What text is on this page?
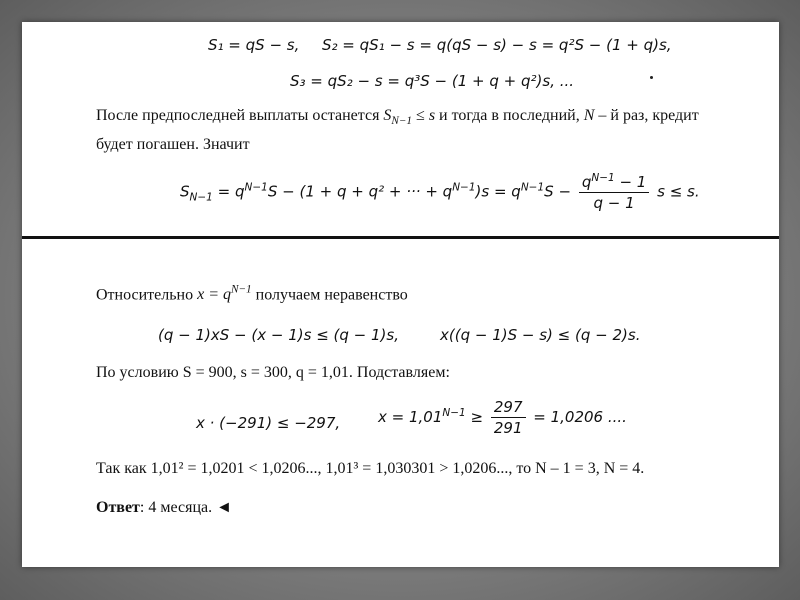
S₁ = qS − s, S₂ = qS₁ − s = q(qS − s) − s = q²S − (1 + q)s,
S₃ = qS₂ − s = q³S − (1 + q + q²)s, ...
После предпоследней выплаты останется $S_{N-1} \le s$ и тогда в последний, N – й раз, кредит
будет погашен. Значит
$S_{N-1} = q^{N-1}S - (1 + q + q^2$ + ··· + $q^{N-1})s = q^{N-1}S - \frac{q^{N-1} - 1}{q - 1}$ s ≤ s.
Относительно $x = q^{N-1}$ получаем неравенство
(q − 1)xS − (x − 1)s ≤ (q − 1)s,	x((q − 1)S − s) ≤ (q − 2)s.
По условию S = 900, s = 300, q = 1,01. Подставляем:
x · (−291) ≤ −297,	$x = 1,01^{N-1} \ge \frac{297}{291} = 1,0206$ ....
Так как 1,01² = 1,0201 < 1,0206..., 1,01³ = 1,030301 > 1,0206..., то N – 1 = 3, N = 4.
Ответ: 4 месяца. ◄
